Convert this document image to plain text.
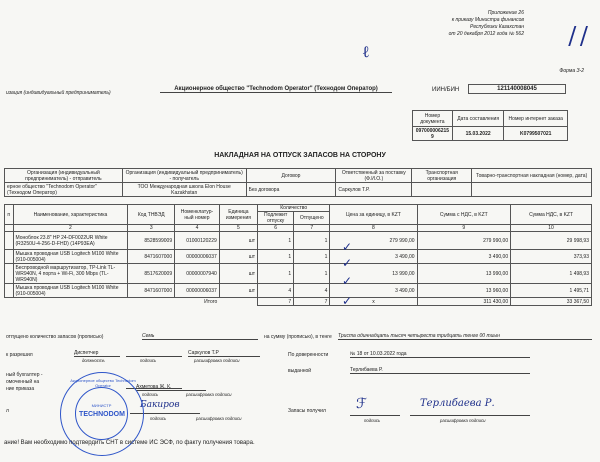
Приложение 26
к приказу Министра финансов
Республики Казахстан
от 20 декабря 2012 года № 562 / /
ℓ
Форма З-2
изация (индивидуальный предприниматель)
Акционерное общество "Technodom Operator" (Технодом Оператор)	ИИН/БИН	121140008045
Номер документа	Дата составления	Номер интернет заказа
0970000062159	15.03.2022	K0799507021
НАКЛАДНАЯ НА ОТПУСК ЗАПАСОВ НА СТОРОНУ
Организация (индивидуальный предприниматель) - отправитель	Организация (индивидуальный предприниматель) - получатель	Договор	Ответственный за поставку (Ф.И.О.)	Транспортная организация	Товарно-транспортная накладная (номер, дата)
ерное общество "Technodom Operator" (Технодом Оператор)	ТОО Международная школа Elon House Kazakhstan	Без договора	Саркулов Т.Р.		
п	Наименование, характеристика	Код ТНВЭД	Номенклатур-ный номер	Единица измерения	Количество		Цена за единицу, в KZT	Сумма с НДС, в KZT	Сумма НДС, в KZT
					Подлежит отпуску	Отпущено			
	2	3	4	5	6	7	8	9	10
	Моноблок 23.8" HP 24-DF0022UR White (R3250U-4-256-D-FHD) (14P93EA)	8528599009	01000120229	шт	1	1	279 990,00	279 990,00	29 998,93
	Мышка проводная USB Logitech M100 White (910-005004)	8471607000	00000006037	шт	1	1	3 490,00	3 490,00	373,93
	Беспроводной маршрутизатор, TP-Link TL-WR940N, 4 порта + Wi-Fi, 300 Mbps (TL-WR940N)	8517620009	00000007940	шт	1	1	13 990,00	13 990,00	1 498,93
	Мышка проводная USB Logitech M100 White (910-005004)	8471607000	00000006037	шт	4	4	3 490,00	13 960,00	1 495,71
Итого					7	7	x	311 430,00	33 367,50
✓
✓
✓
✓
отпущено количество запасов (прописью)	Семь	на сумму (прописью), в тенге Триста одиннадцать тысяч четыреста тридцать тенге 00 тиын
к разрешил	Диспетчер	Саркулов Т.Р
должность	подпись	расшифровка подписи
ный бухгалтер -
омоченный на
ние приказа	Ахметова Ж. К.
подпись	расшифровка подписи
л
Бакиров
подпись	расшифровка подписи
По доверенности	№ 18 от 10.03.2022 года
выданной	Терлибаева Р.
Запасы получил ℱ	Терлибаева Р.
подпись	расшифровка подписи
Акционерное общество Technodom Operator
МИНИСТР
TECHNODOM
ание! Вам необходимо подтвердить СНТ в системе ИС ЭСФ, по факту получения товара.
